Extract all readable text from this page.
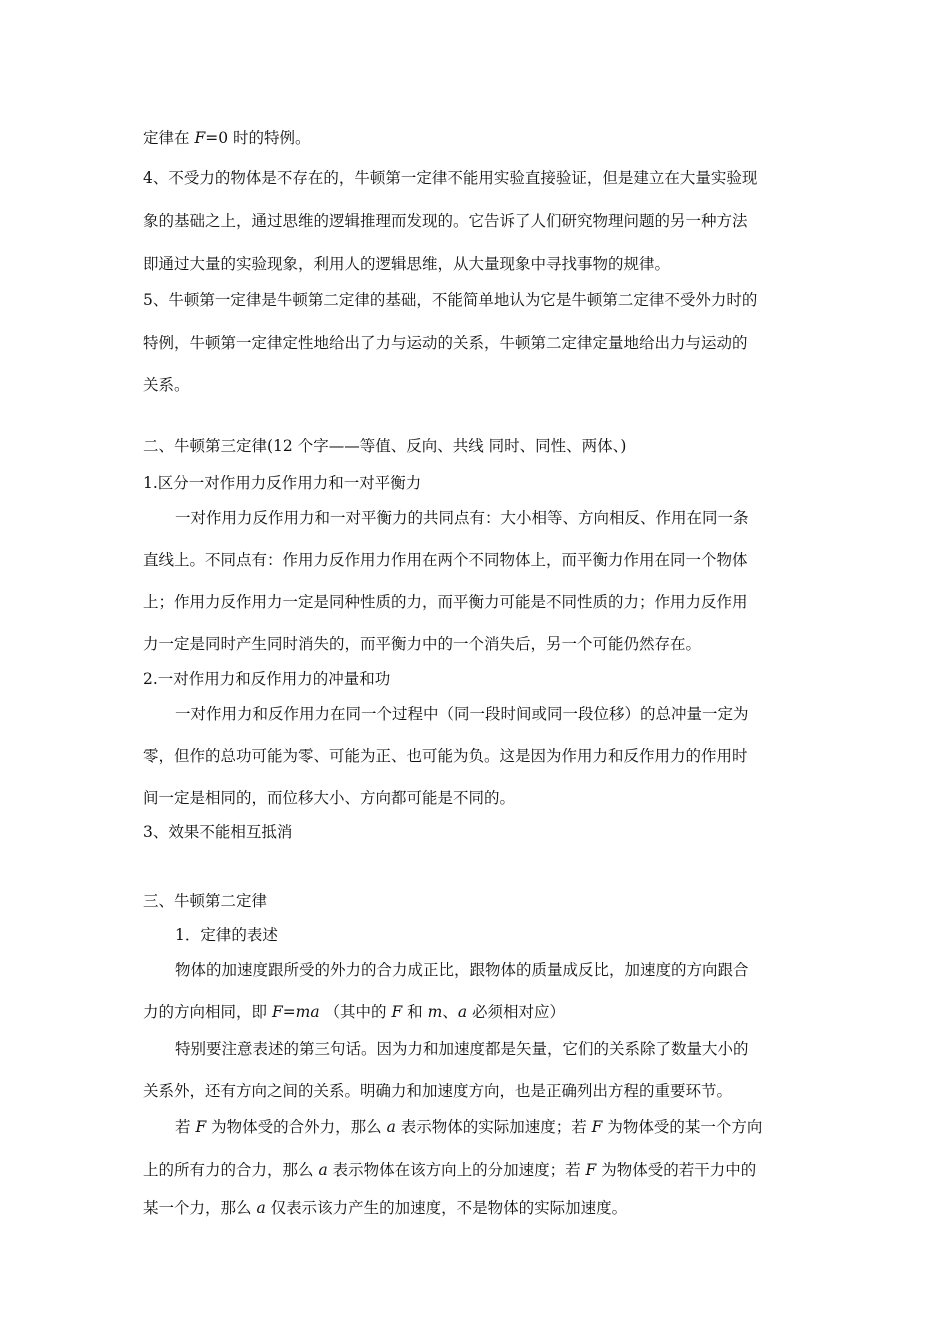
定律在 F=0 时的特例。
4、不受力的物体是不存在的，牛顿第一定律不能用实验直接验证，但是建立在大量实验现
象的基础之上，通过思维的逻辑推理而发现的。它告诉了人们研究物理问题的另一种方法
即通过大量的实验现象，利用人的逻辑思维，从大量现象中寻找事物的规律。
5、牛顿第一定律是牛顿第二定律的基础，不能简单地认为它是牛顿第二定律不受外力时的
特例，牛顿第一定律定性地给出了力与运动的关系，牛顿第二定律定量地给出力与运动的
关系。
二、牛顿第三定律(12 个字——等值、反向、共线 同时、同性、两体、)
1.区分一对作用力反作用力和一对平衡力
一对作用力反作用力和一对平衡力的共同点有：大小相等、方向相反、作用在同一条
直线上。不同点有：作用力反作用力作用在两个不同物体上，而平衡力作用在同一个物体
上；作用力反作用力一定是同种性质的力，而平衡力可能是不同性质的力；作用力反作用
力一定是同时产生同时消失的，而平衡力中的一个消失后，另一个可能仍然存在。
2.一对作用力和反作用力的冲量和功
一对作用力和反作用力在同一个过程中（同一段时间或同一段位移）的总冲量一定为
零，但作的总功可能为零、可能为正、也可能为负。这是因为作用力和反作用力的作用时
间一定是相同的，而位移大小、方向都可能是不同的。
3、效果不能相互抵消
三、牛顿第二定律
1．定律的表述
物体的加速度跟所受的外力的合力成正比，跟物体的质量成反比，加速度的方向跟合
力的方向相同，即 F=ma （其中的 F 和 m、a 必须相对应）
特别要注意表述的第三句话。因为力和加速度都是矢量，它们的关系除了数量大小的
关系外，还有方向之间的关系。明确力和加速度方向，也是正确列出方程的重要环节。
若 F 为物体受的合外力，那么 a 表示物体的实际加速度；若 F 为物体受的某一个方向
上的所有力的合力，那么 a 表示物体在该方向上的分加速度；若 F 为物体受的若干力中的
某一个力，那么 a 仅表示该力产生的加速度，不是物体的实际加速度。
